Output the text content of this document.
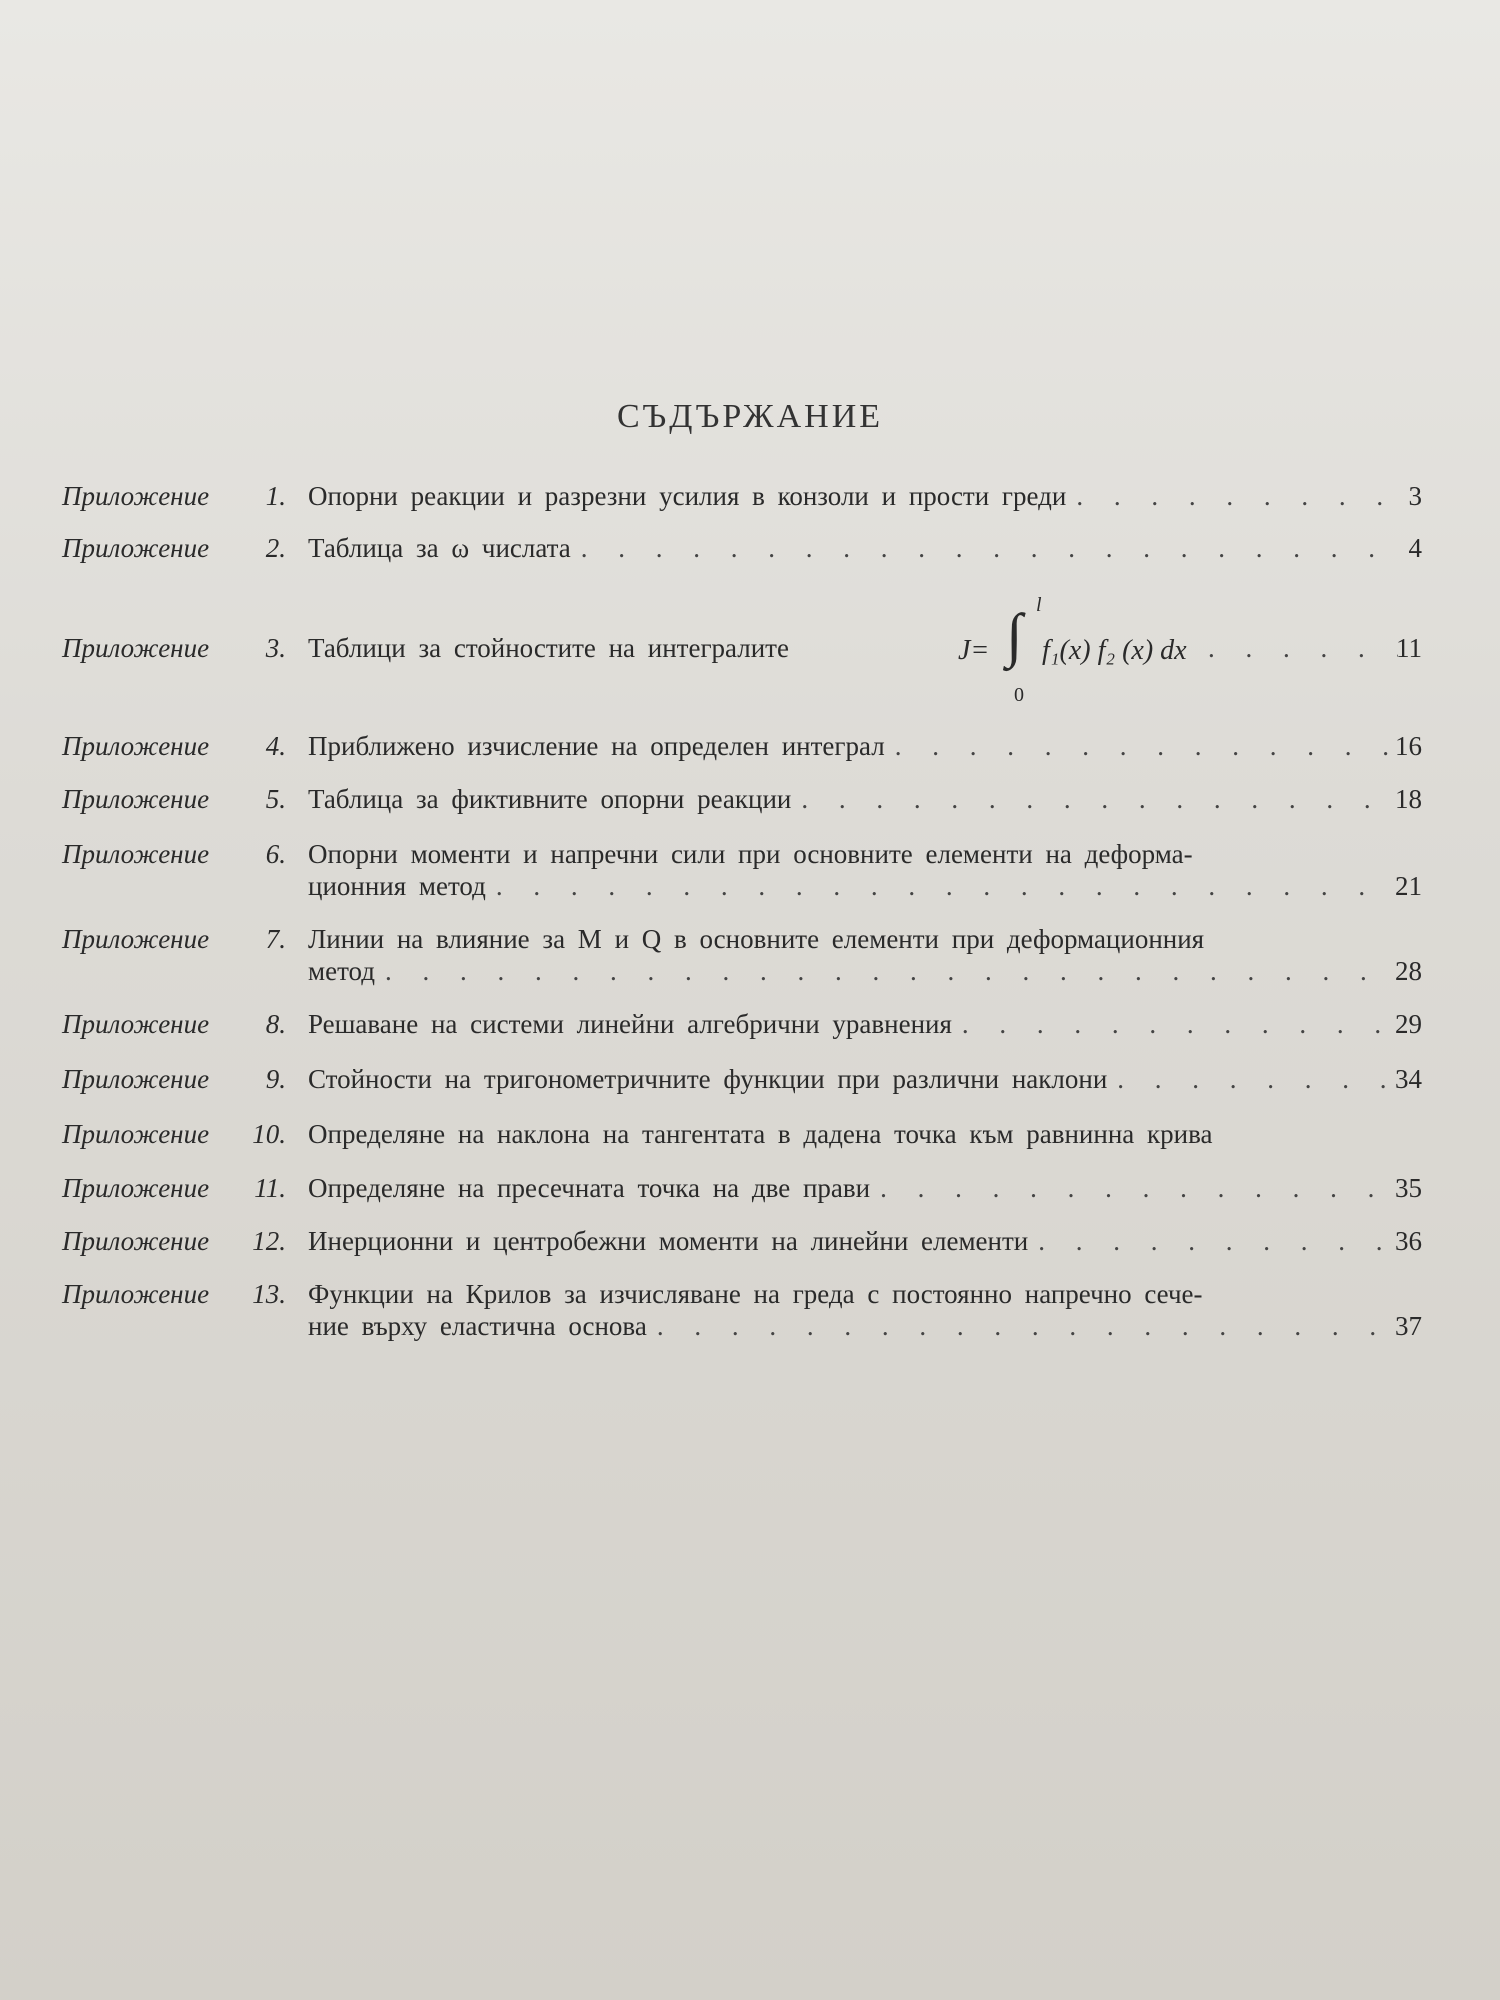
СЪДЪРЖАНИЕ
Приложение 1. Опорни реакции и разрезни усилия в конзоли и прости греди . . .	3
Приложение 2. Таблица за ω числата . . .	4
Приложение 3. Таблици за стойностите на интегралите	J= ∫ l
0
f₁(x) f₂ (x) dx . . .	11
Приложение 4. Приближено изчисление на определен интеграл . . .	16
Приложение 5. Таблица за фиктивните опорни реакции . . .	18
Приложение 6. Опорни моменти и напречни сили при основните елементи на деформа-
ционния метод . . .	21
Приложение 7. Линии на влияние за M и Q в основните елементи при деформационния
метод . . .	28
Приложение 8. Решаване на системи линейни алгебрични уравнения . . .	29
Приложение 9. Стойности на тригонометричните функции при различни наклони . . .	34
Приложение 10. Определяне на наклона на тангентата в дадена точка към равнинна крива
Приложение 11. Определяне на пресечната точка на две прави . . .	35
Приложение 12. Инерционни и центробежни моменти на линейни елементи . . .	36
Приложение 13. Функции на Крилов за изчисляване на греда с постоянно напречно сече-
ние върху еластична основа . . .	37
